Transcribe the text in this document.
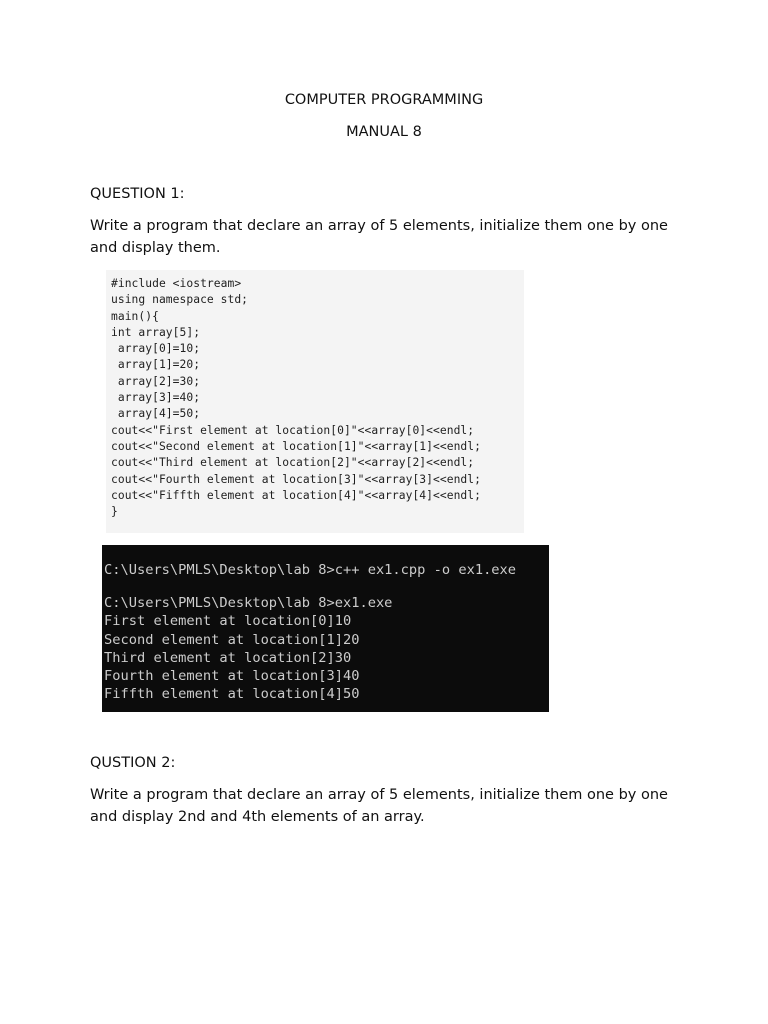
COMPUTER PROGRAMMING
MANUAL 8
QUESTION 1:
Write a program that declare an array of 5 elements, initialize them one by one and display them.
#include <iostream>
using namespace std;
main(){
int array[5];
array[0]=10;
array[1]=20;
array[2]=30;
array[3]=40;
array[4]=50;
cout<<"First element at location[0]"<<array[0]<<endl;
cout<<"Second element at location[1]"<<array[1]<<endl;
cout<<"Third element at location[2]"<<array[2]<<endl;
cout<<"Fourth element at location[3]"<<array[3]<<endl;
cout<<"Fiffth element at location[4]"<<array[4]<<endl;
}
C:\Users\PMLS\Desktop\lab 8>c++ ex1.cpp -o ex1.exe
C:\Users\PMLS\Desktop\lab 8>ex1.exe
First element at location[0]10
Second element at location[1]20
Third element at location[2]30
Fourth element at location[3]40
Fiffth element at location[4]50
QUSTION 2:
Write a program that declare an array of 5 elements, initialize them one by one and display 2nd and 4th elements of an array.
